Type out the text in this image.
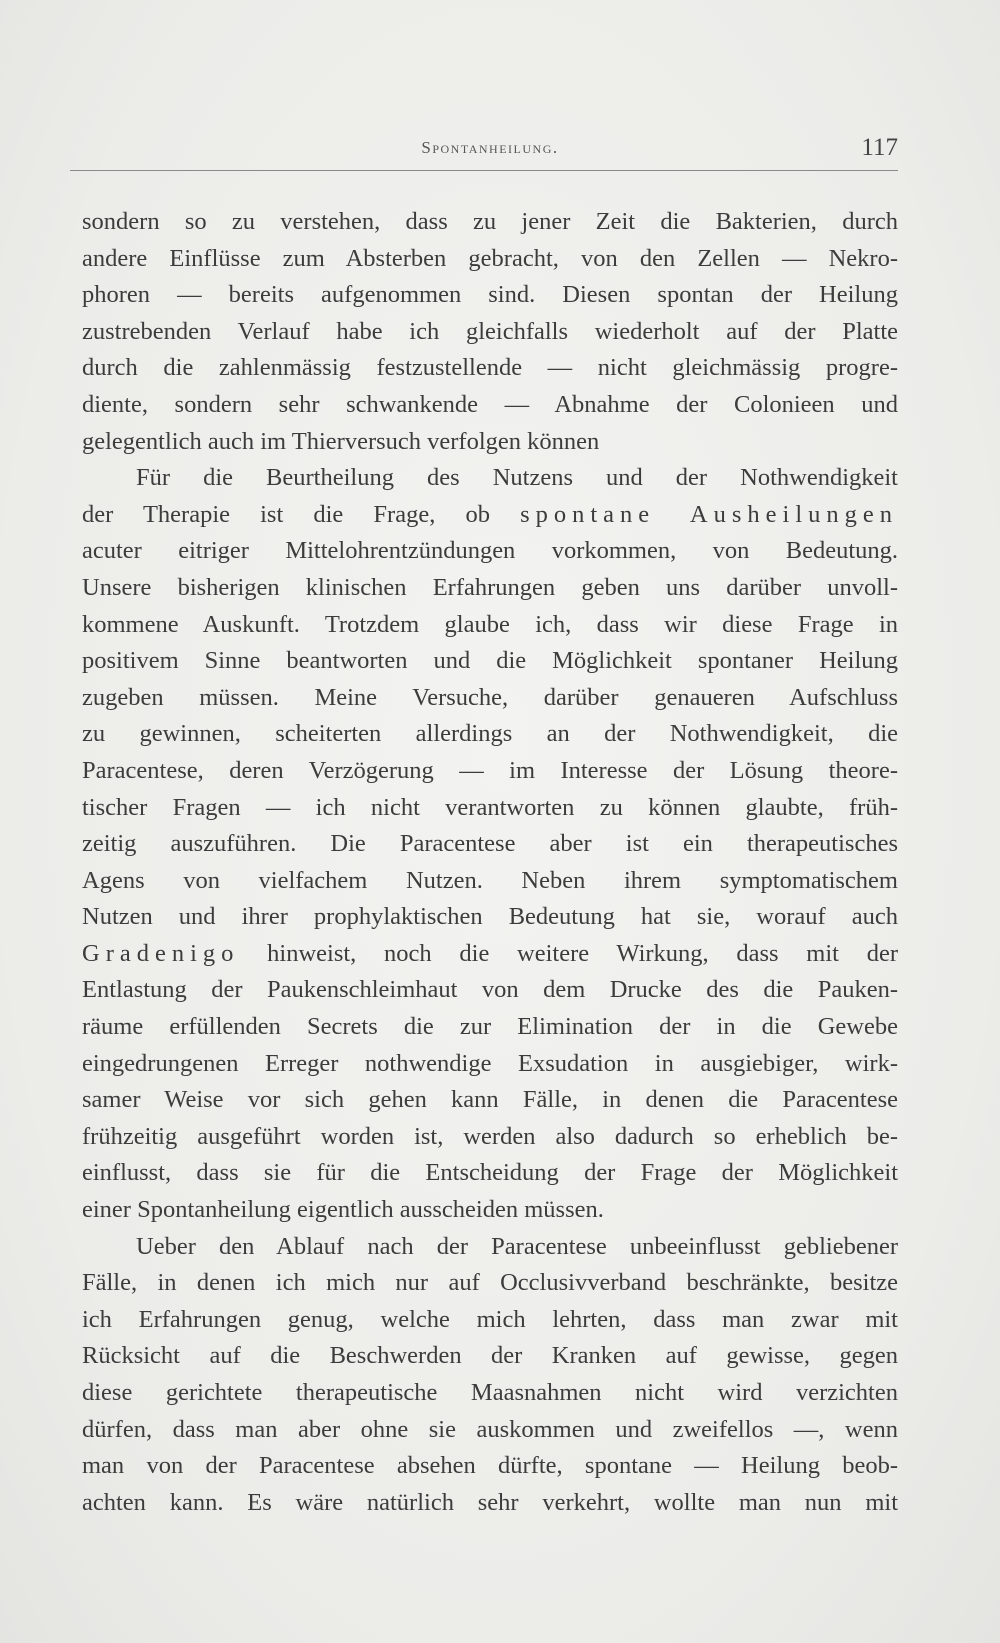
Spontanheilung.	117
sondern so zu verstehen, dass zu jener Zeit die Bakterien, durch
andere Einflüsse zum Absterben gebracht, von den Zellen — Nekro-
phoren — bereits aufgenommen sind. Diesen spontan der Heilung
zustrebenden Verlauf habe ich gleichfalls wiederholt auf der Platte
durch die zahlenmässig festzustellende — nicht gleichmässig progre-
diente, sondern sehr schwankende — Abnahme der Colonieen und
gelegentlich auch im Thierversuch verfolgen können
Für die Beurtheilung des Nutzens und der Nothwendigkeit
der Therapie ist die Frage, ob spontane Ausheilungen
acuter eitriger Mittelohrentzündungen vorkommen, von Bedeutung.
Unsere bisherigen klinischen Erfahrungen geben uns darüber unvoll-
kommene Auskunft. Trotzdem glaube ich, dass wir diese Frage in
positivem Sinne beantworten und die Möglichkeit spontaner Heilung
zugeben müssen. Meine Versuche, darüber genaueren Aufschluss
zu gewinnen, scheiterten allerdings an der Nothwendigkeit, die
Paracentese, deren Verzögerung — im Interesse der Lösung theore-
tischer Fragen — ich nicht verantworten zu können glaubte, früh-
zeitig auszuführen. Die Paracentese aber ist ein therapeutisches
Agens von vielfachem Nutzen. Neben ihrem symptomatischem
Nutzen und ihrer prophylaktischen Bedeutung hat sie, worauf auch
Gradenigo hinweist, noch die weitere Wirkung, dass mit der
Entlastung der Paukenschleimhaut von dem Drucke des die Pauken-
räume erfüllenden Secrets die zur Elimination der in die Gewebe
eingedrungenen Erreger nothwendige Exsudation in ausgiebiger, wirk-
samer Weise vor sich gehen kann Fälle, in denen die Paracentese
frühzeitig ausgeführt worden ist, werden also dadurch so erheblich be-
einflusst, dass sie für die Entscheidung der Frage der Möglichkeit
einer Spontanheilung eigentlich ausscheiden müssen.
Ueber den Ablauf nach der Paracentese unbeeinflusst gebliebener
Fälle, in denen ich mich nur auf Occlusivverband beschränkte, besitze
ich Erfahrungen genug, welche mich lehrten, dass man zwar mit
Rücksicht auf die Beschwerden der Kranken auf gewisse, gegen
diese gerichtete therapeutische Maasnahmen nicht wird verzichten
dürfen, dass man aber ohne sie auskommen und zweifellos —, wenn
man von der Paracentese absehen dürfte, spontane — Heilung beob-
achten kann. Es wäre natürlich sehr verkehrt, wollte man nun mit
